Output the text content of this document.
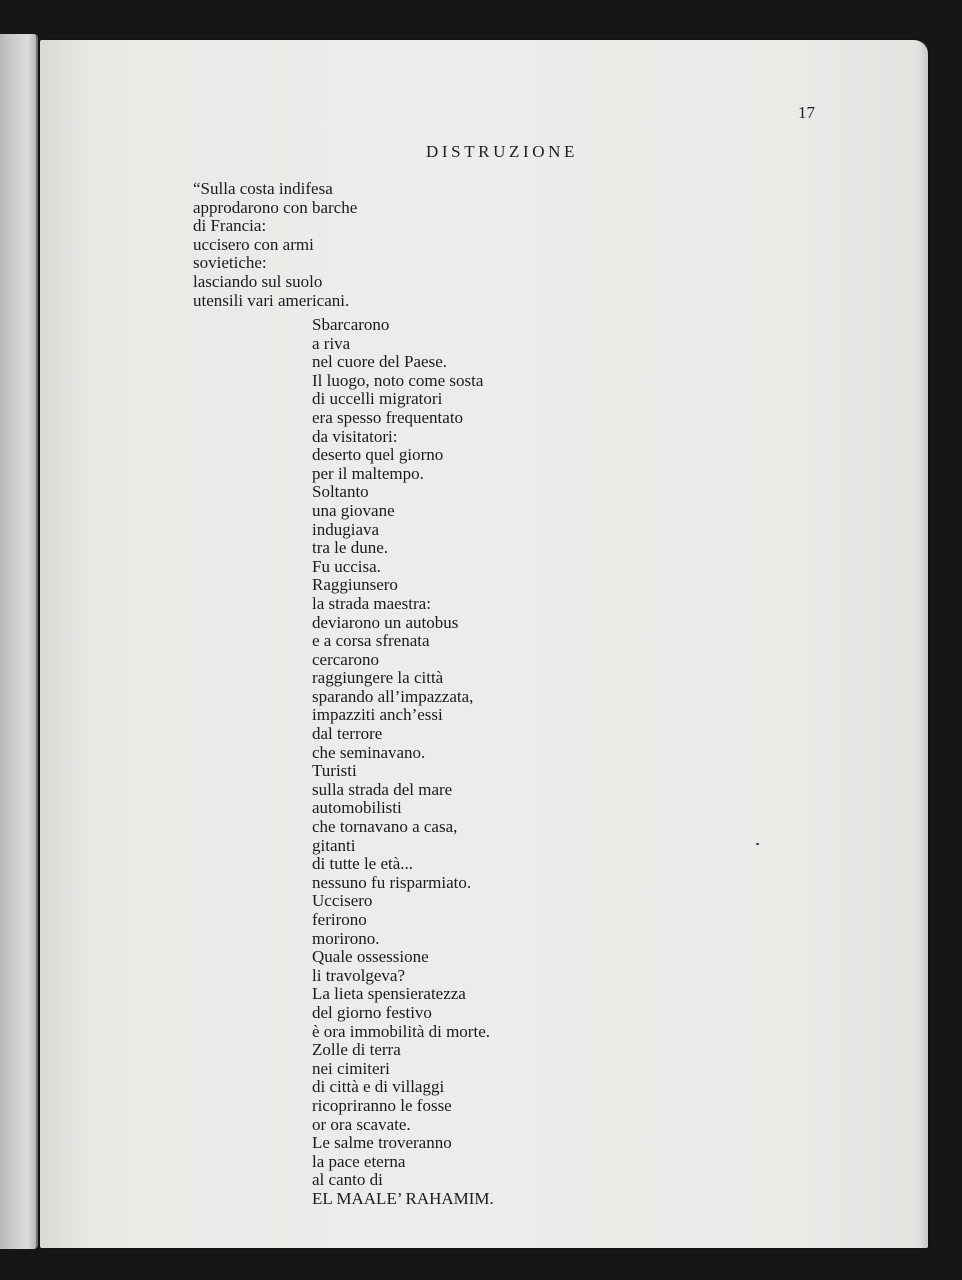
17
DISTRUZIONE
“Sulla costa indifesa
approdarono con barche
di Francia:
uccisero con armi
sovietiche:
lasciando sul suolo
utensili vari americani.
Sbarcarono
a riva
nel cuore del Paese.
Il luogo, noto come sosta
di uccelli migratori
era spesso frequentato
da visitatori:
deserto quel giorno
per il maltempo.
Soltanto
una giovane
indugiava
tra le dune.
Fu uccisa.
Raggiunsero
la strada maestra:
deviarono un autobus
e a corsa sfrenata
cercarono
raggiungere la città
sparando all’impazzata,
impazziti anch’essi
dal terrore
che seminavano.
Turisti
sulla strada del mare
automobilisti
che tornavano a casa,
gitanti
di tutte le età...
nessuno fu risparmiato.
Uccisero
ferirono
morirono.
Quale ossessione
li travolgeva?
La lieta spensieratezza
del giorno festivo
è ora immobilità di morte.
Zolle di terra
nei cimiteri
di città e di villaggi
ricopriranno le fosse
or ora scavate.
Le salme troveranno
la pace eterna
al canto di
EL MAALE’ RAHAMIM.
